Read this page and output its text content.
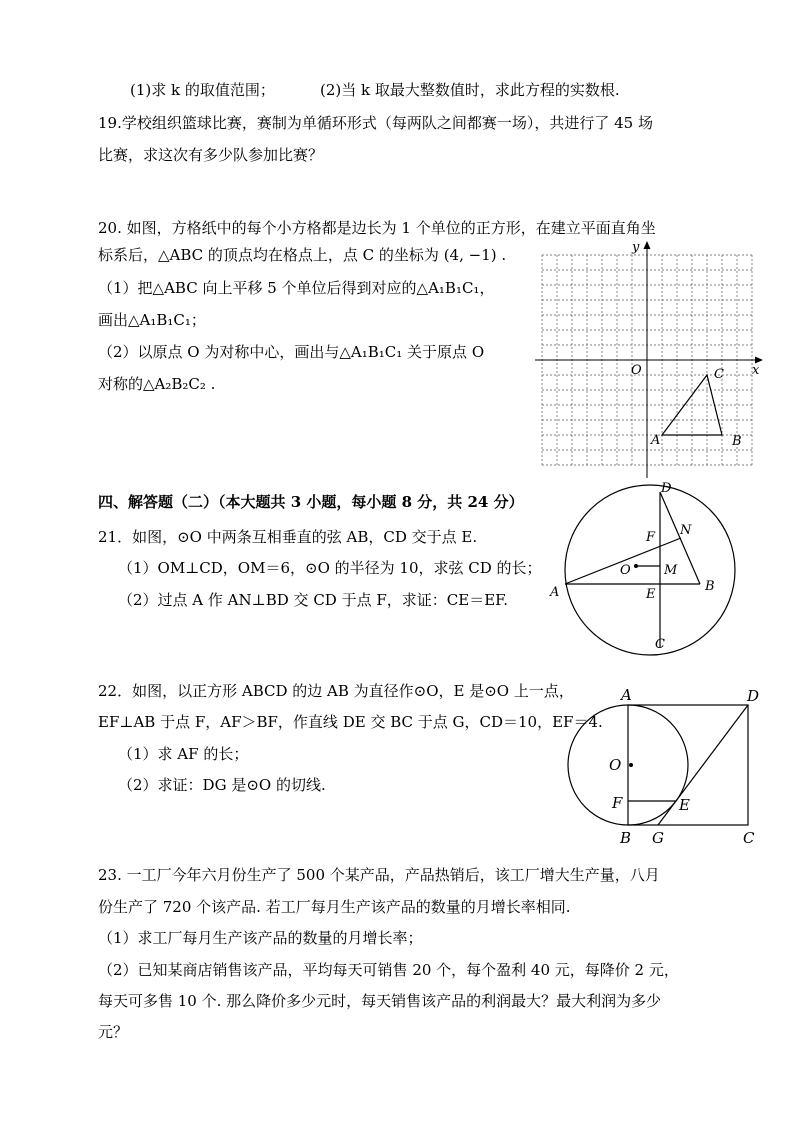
(1)求 k 的取值范围；	(2)当 k 取最大整数值时，求此方程的实数根.
19.学校组织篮球比赛，赛制为单循环形式（每两队之间都赛一场），共进行了 45 场
比赛，求这次有多少队参加比赛？
20. 如图，方格纸中的每个小方格都是边长为 1 个单位的正方形，在建立平面直角坐
标系后，△ABC 的顶点均在格点上，点 C 的坐标为 (4, −1) .
（1）把△ABC 向上平移 5 个单位后得到对应的△A₁B₁C₁，
画出△A₁B₁C₁；
（2）以原点 O 为对称中心，画出与△A₁B₁C₁ 关于原点 O
对称的△A₂B₂C₂ .
x
y
O
A	B
C
四、解答题（二）（本大题共 3 小题，每小题 8 分，共 24 分）
21．如图，⊙O 中两条互相垂直的弦 AB，CD 交于点 E.
（1）OM⊥CD，OM＝6，⊙O 的半径为 10，求弦 CD 的长；
（2）过点 A 作 AN⊥BD 交 CD 于点 F，求证：CE＝EF.
D
N
F
O	M
A	E
B
C
22．如图，以正方形 ABCD 的边 AB 为直径作⊙O，E 是⊙O 上一点，
EF⊥AB 于点 F，AF＞BF，作直线 DE 交 BC 于点 G，CD＝10，EF＝4.
（1）求 AF 的长；
（2）求证：DG 是⊙O 的切线.
A	D
O
F	E
B G	C
23. 一工厂今年六月份生产了 500 个某产品，产品热销后，该工厂增大生产量，八月
份生产了 720 个该产品. 若工厂每月生产该产品的数量的月增长率相同.
（1）求工厂每月生产该产品的数量的月增长率；
（2）已知某商店销售该产品，平均每天可销售 20 个，每个盈利 40 元，每降价 2 元，
每天可多售 10 个. 那么降价多少元时，每天销售该产品的利润最大？最大利润为多少
元？
